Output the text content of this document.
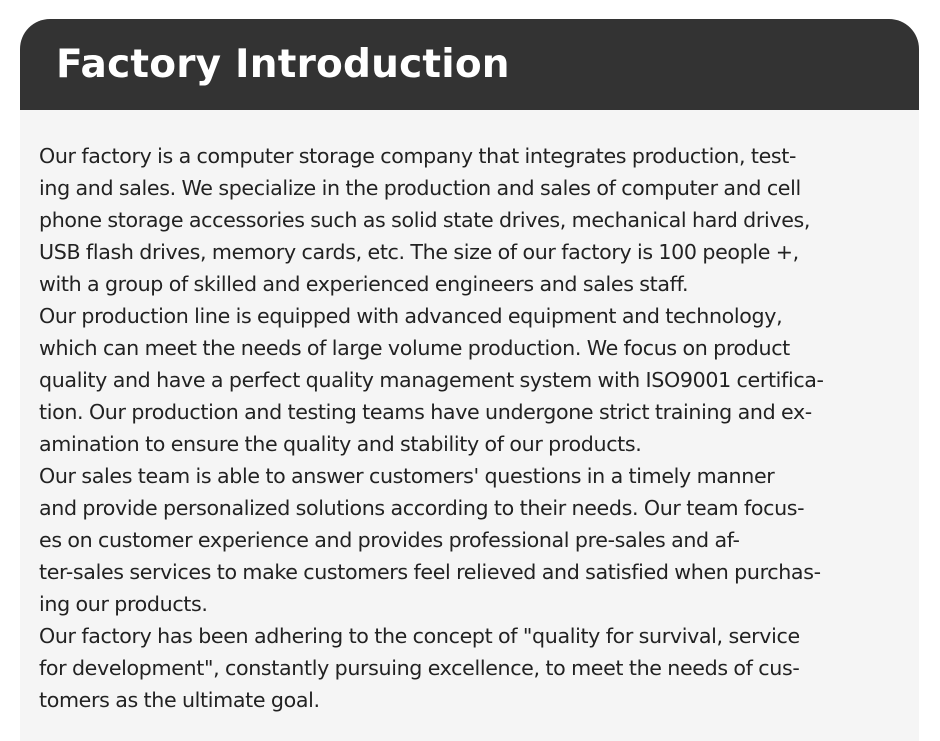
Factory Introduction

Our factory is a computer storage company that integrates production, test-
ing and sales. We specialize in the production and sales of computer and cell
phone storage accessories such as solid state drives, mechanical hard drives,
USB flash drives, memory cards, etc. The size of our factory is 100 people +,
with a group of skilled and experienced engineers and sales staff.
Our production line is equipped with advanced equipment and technology,
which can meet the needs of large volume production. We focus on product
quality and have a perfect quality management system with ISO9001 certifica-
tion. Our production and testing teams have undergone strict training and ex-
amination to ensure the quality and stability of our products.
Our sales team is able to answer customers' questions in a timely manner
and provide personalized solutions according to their needs. Our team focus-
es on customer experience and provides professional pre-sales and af-
ter-sales services to make customers feel relieved and satisfied when purchas-
ing our products.
Our factory has been adhering to the concept of "quality for survival, service
for development", constantly pursuing excellence, to meet the needs of cus-
tomers as the ultimate goal.
